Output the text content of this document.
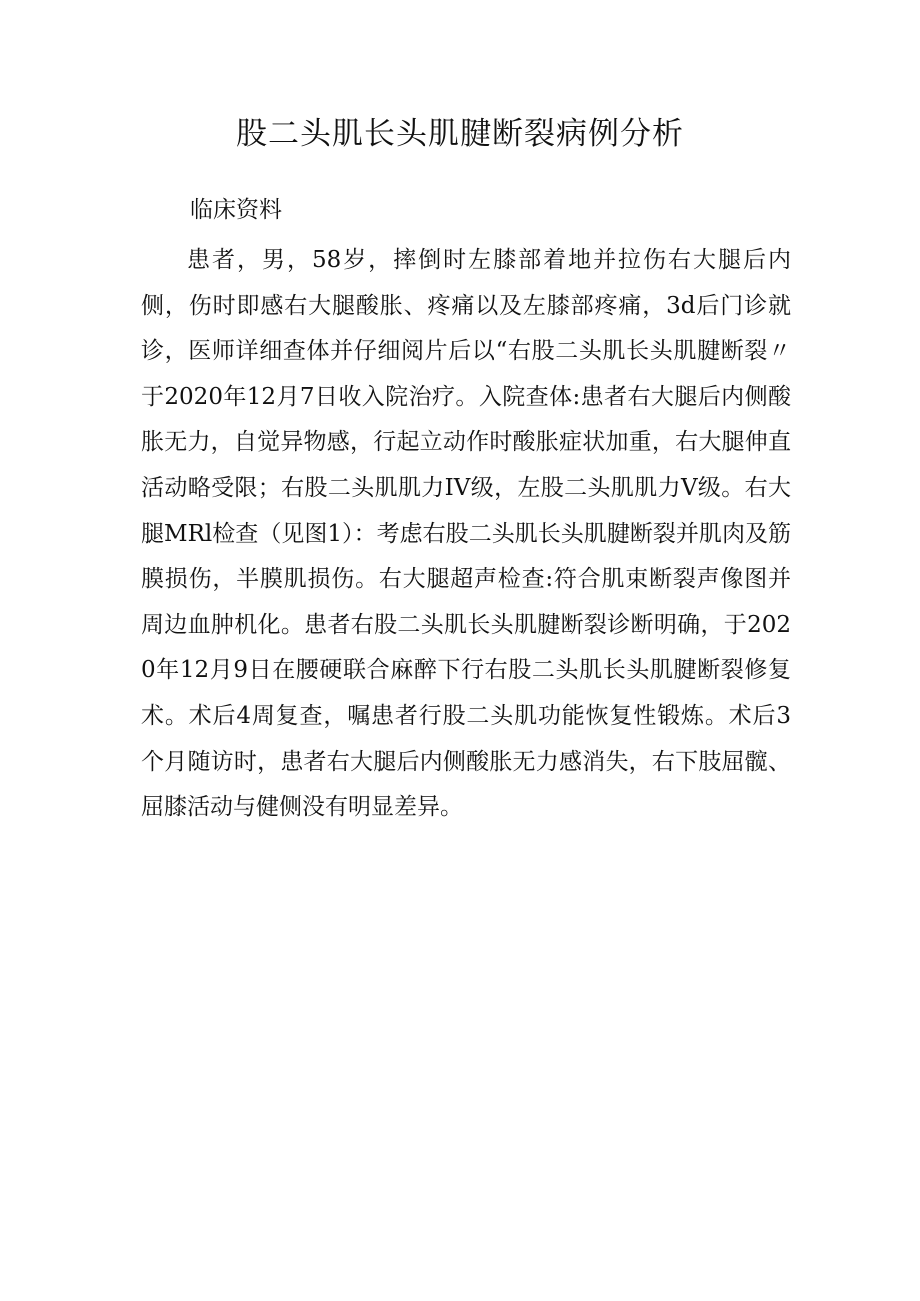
股二头肌长头肌腱断裂病例分析
临床资料

患者，男，58岁，摔倒时左膝部着地并拉伤右大腿后内侧，伤时即感右大腿酸胀、疼痛以及左膝部疼痛，3d后门诊就诊，医师详细查体并仔细阅片后以“右股二头肌长头肌腱断裂〃于2020年12月7日收入院治疗。入院查体:患者右大腿后内侧酸胀无力，自觉异物感，行起立动作时酸胀症状加重，右大腿伸直活动略受限；右股二头肌肌力IV级，左股二头肌肌力V级。右大腿MRl检查（见图1）：考虑右股二头肌长头肌腱断裂并肌肉及筋膜损伤，半膜肌损伤。右大腿超声检查:符合肌束断裂声像图并周边血肿机化。患者右股二头肌长头肌腱断裂诊断明确，于2020年12月9日在腰硬联合麻醉下行右股二头肌长头肌腱断裂修复术。术后4周复查，嘱患者行股二头肌功能恢复性锻炼。术后3个月随访时，患者右大腿后内侧酸胀无力感消失，右下肢屈髋、屈膝活动与健侧没有明显差异。
